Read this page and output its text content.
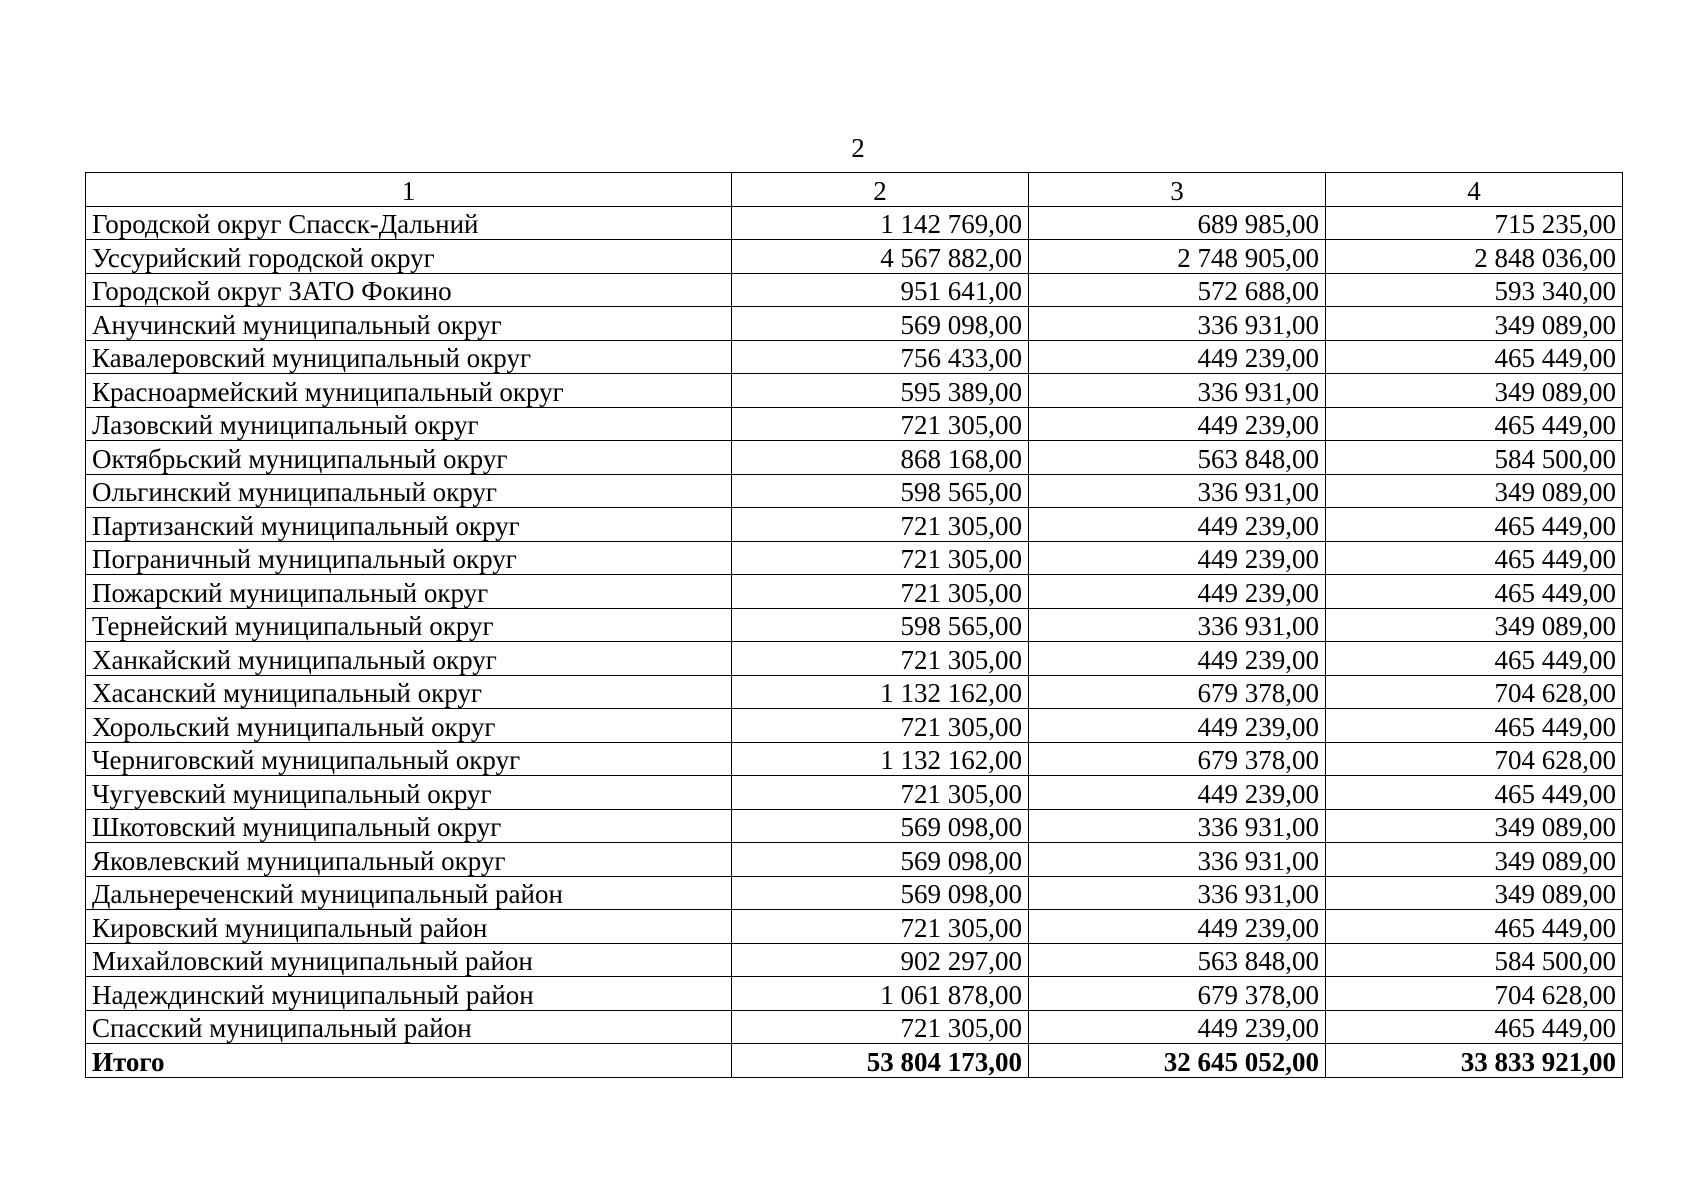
2
1	2	3	4
Городской округ Спасск-Дальний	1 142 769,00	689 985,00	715 235,00
Уссурийский городской округ	4 567 882,00	2 748 905,00	2 848 036,00
Городской округ ЗАТО Фокино	951 641,00	572 688,00	593 340,00
Анучинский муниципальный округ	569 098,00	336 931,00	349 089,00
Кавалеровский муниципальный округ	756 433,00	449 239,00	465 449,00
Красноармейский муниципальный округ	595 389,00	336 931,00	349 089,00
Лазовский муниципальный округ	721 305,00	449 239,00	465 449,00
Октябрьский муниципальный округ	868 168,00	563 848,00	584 500,00
Ольгинский муниципальный округ	598 565,00	336 931,00	349 089,00
Партизанский муниципальный округ	721 305,00	449 239,00	465 449,00
Пограничный муниципальный округ	721 305,00	449 239,00	465 449,00
Пожарский муниципальный округ	721 305,00	449 239,00	465 449,00
Тернейский муниципальный округ	598 565,00	336 931,00	349 089,00
Ханкайский муниципальный округ	721 305,00	449 239,00	465 449,00
Хасанский муниципальный округ	1 132 162,00	679 378,00	704 628,00
Хорольский муниципальный округ	721 305,00	449 239,00	465 449,00
Черниговский муниципальный округ	1 132 162,00	679 378,00	704 628,00
Чугуевский муниципальный округ	721 305,00	449 239,00	465 449,00
Шкотовский муниципальный округ	569 098,00	336 931,00	349 089,00
Яковлевский муниципальный округ	569 098,00	336 931,00	349 089,00
Дальнереченский муниципальный район	569 098,00	336 931,00	349 089,00
Кировский муниципальный район	721 305,00	449 239,00	465 449,00
Михайловский муниципальный район	902 297,00	563 848,00	584 500,00
Надеждинский муниципальный район	1 061 878,00	679 378,00	704 628,00
Спасский муниципальный район	721 305,00	449 239,00	465 449,00
Итого	53 804 173,00	32 645 052,00	33 833 921,00
